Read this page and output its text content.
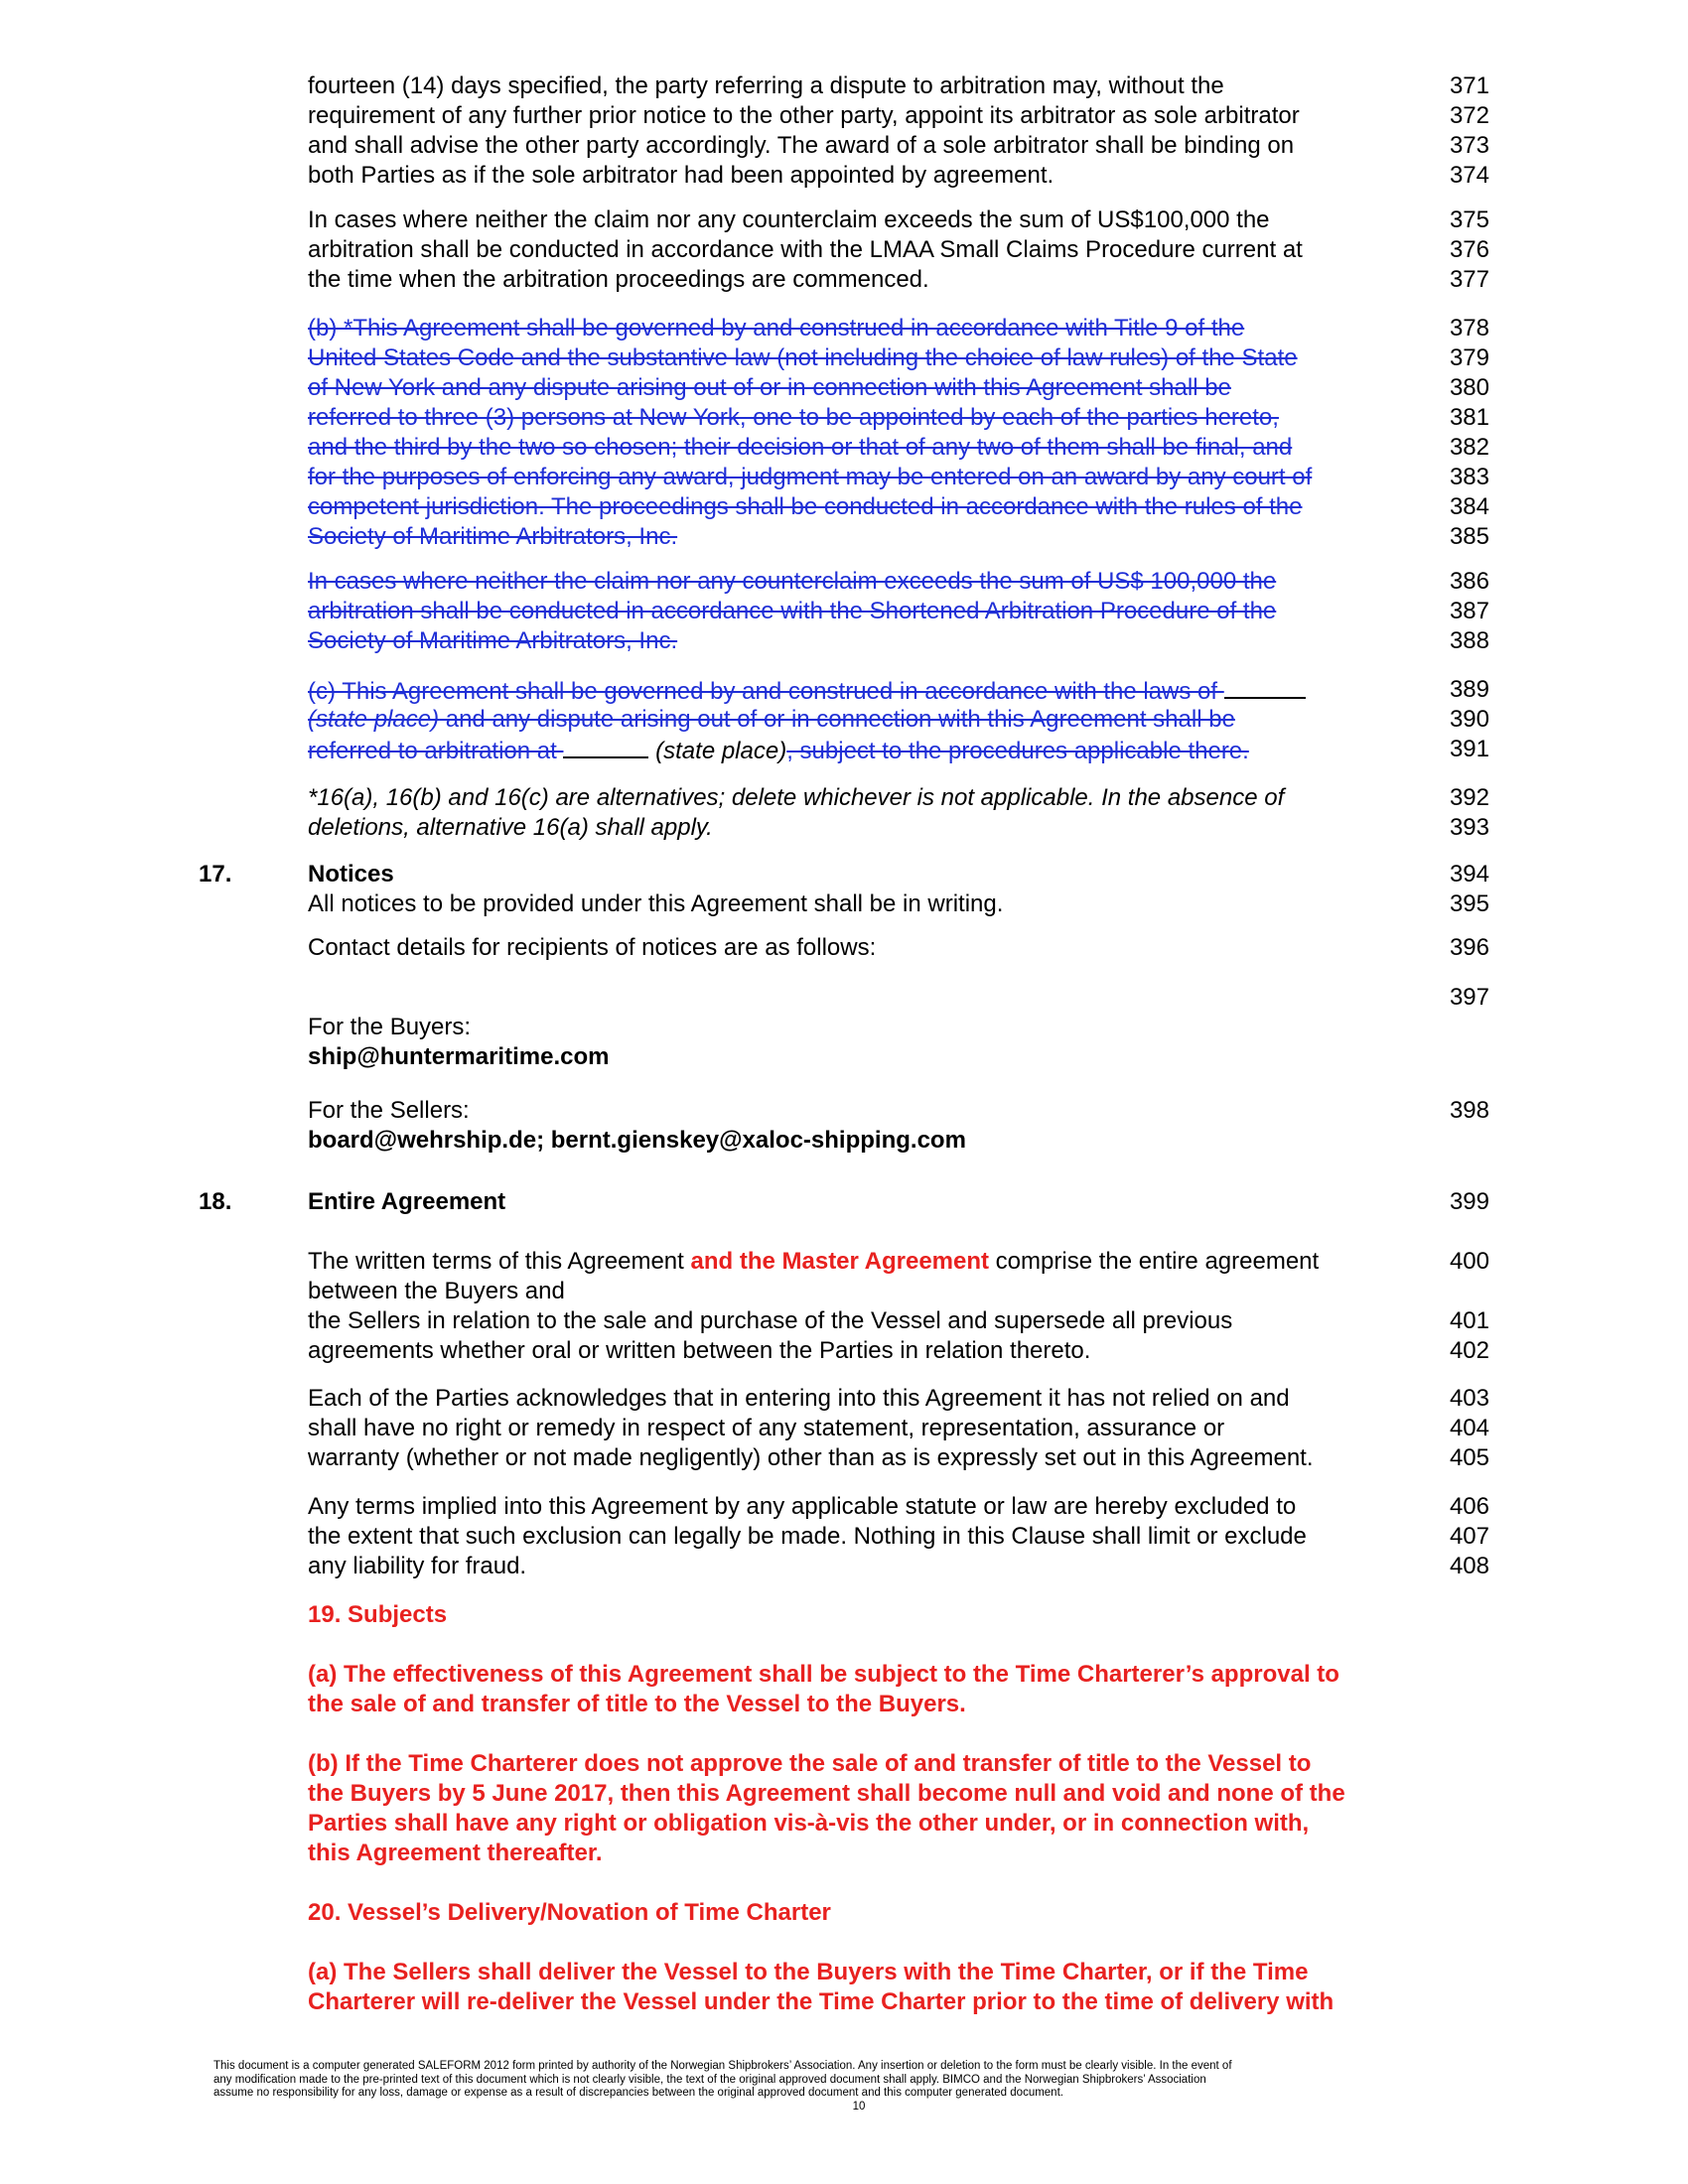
fourteen (14) days specified, the party referring a dispute to arbitration may, without the
requirement of any further prior notice to the other party, appoint its arbitrator as sole arbitrator
and shall advise the other party accordingly. The award of a sole arbitrator shall be binding on
both Parties as if the sole arbitrator had been appointed by agreement.
371
372
373
374
In cases where neither the claim nor any counterclaim exceeds the sum of US$100,000 the
arbitration shall be conducted in accordance with the LMAA Small Claims Procedure current at
the time when the arbitration proceedings are commenced.
375
376
377
(b) *This Agreement shall be governed by and construed in accordance with Title 9 of the
United States Code and the substantive law (not including the choice of law rules) of the State
of New York and any dispute arising out of or in connection with this Agreement shall be
referred to three (3) persons at New York, one to be appointed by each of the parties hereto,
and the third by the two so chosen; their decision or that of any two of them shall be final, and
for the purposes of enforcing any award, judgment may be entered on an award by any court of
competent jurisdiction. The proceedings shall be conducted in accordance with the rules of the
Society of Maritime Arbitrators, Inc.
378
379
380
381
382
383
384
385
In cases where neither the claim nor any counterclaim exceeds the sum of US$ 100,000 the
arbitration shall be conducted in accordance with the Shortened Arbitration Procedure of the
Society of Maritime Arbitrators, Inc.
386
387
388
(c) This Agreement shall be governed by and construed in accordance with the laws of
(state place) and any dispute arising out of or in connection with this Agreement shall be
referred to arbitration at	(state place), subject to the procedures applicable there.
389
390
391
*16(a), 16(b) and 16(c) are alternatives; delete whichever is not applicable. In the absence of
deletions, alternative 16(a) shall apply.
392
393
17.	Notices
All notices to be provided under this Agreement shall be in writing.
394
395
Contact details for recipients of notices are as follows:	396
397
For the Buyers:
ship@huntermaritime.com
For the Sellers:
board@wehrship.de; bernt.gienskey@xaloc-shipping.com
398
18.	Entire Agreement	399
The written terms of this Agreement and the Master Agreement comprise the entire agreement
between the Buyers and
the Sellers in relation to the sale and purchase of the Vessel and supersede all previous
agreements whether oral or written between the Parties in relation thereto.
400
401
402
Each of the Parties acknowledges that in entering into this Agreement it has not relied on and
shall have no right or remedy in respect of any statement, representation, assurance or
warranty (whether or not made negligently) other than as is expressly set out in this Agreement.
403
404
405
Any terms implied into this Agreement by any applicable statute or law are hereby excluded to
the extent that such exclusion can legally be made. Nothing in this Clause shall limit or exclude
any liability for fraud.
406
407
408
19. Subjects
(a) The effectiveness of this Agreement shall be subject to the Time Charterer’s approval to
the sale of and transfer of title to the Vessel to the Buyers.
(b) If the Time Charterer does not approve the sale of and transfer of title to the Vessel to
the Buyers by 5 June 2017, then this Agreement shall become null and void and none of the
Parties shall have any right or obligation vis-à-vis the other under, or in connection with,
this Agreement thereafter.
20. Vessel’s Delivery/Novation of Time Charter
(a) The Sellers shall deliver the Vessel to the Buyers with the Time Charter, or if the Time
Charterer will re-deliver the Vessel under the Time Charter prior to the time of delivery with
This document is a computer generated SALEFORM 2012 form printed by authority of the Norwegian Shipbrokers’ Association. Any insertion or deletion to the form must be clearly visible. In the event of
any modification made to the pre-printed text of this document which is not clearly visible, the text of the original approved document shall apply. BIMCO and the Norwegian Shipbrokers’ Association
assume no responsibility for any loss, damage or expense as a result of discrepancies between the original approved document and this computer generated document.
10
